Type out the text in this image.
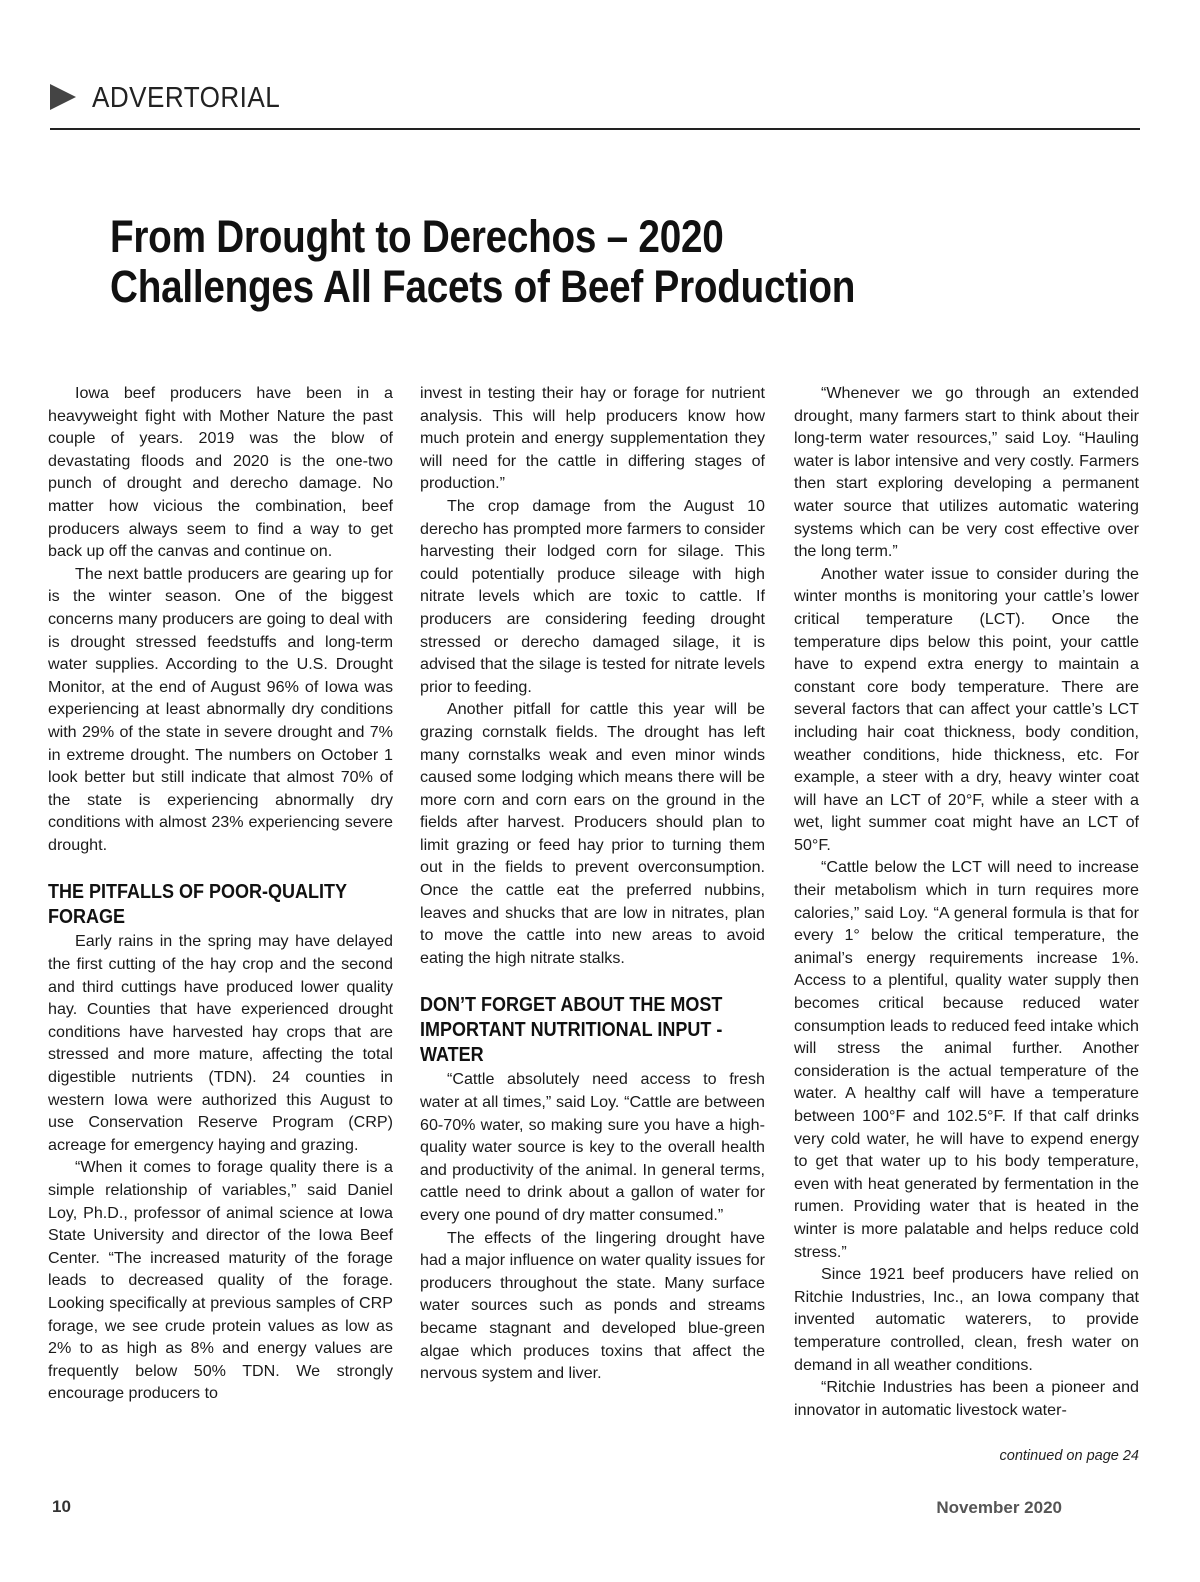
ADVERTORIAL
From Drought to Derechos – 2020
Challenges All Facets of Beef Production

Iowa beef producers have been in a heavyweight fight with Mother Nature the past couple of years. 2019 was the blow of devastating floods and 2020 is the one-two punch of drought and derecho damage. No matter how vicious the combination, beef producers always seem to find a way to get back up off the canvas and continue on.

The next battle producers are gearing up for is the winter season. One of the biggest concerns many producers are going to deal with is drought stressed feedstuffs and long-term water supplies. According to the U.S. Drought Monitor, at the end of August 96% of Iowa was experiencing at least abnormally dry conditions with 29% of the state in severe drought and 7% in extreme drought. The numbers on October 1 look better but still indicate that almost 70% of the state is experiencing abnormally dry conditions with almost 23% experiencing severe drought.

THE PITFALLS OF POOR-QUALITY FORAGE

Early rains in the spring may have delayed the first cutting of the hay crop and the second and third cuttings have produced lower quality hay. Counties that have experienced drought conditions have harvested hay crops that are stressed and more mature, affecting the total digestible nutrients (TDN). 24 counties in western Iowa were authorized this August to use Conservation Reserve Program (CRP) acreage for emergency haying and grazing.

“When it comes to forage quality there is a simple relationship of variables,” said Daniel Loy, Ph.D., professor of animal science at Iowa State University and director of the Iowa Beef Center. “The increased maturity of the forage leads to decreased quality of the forage. Looking specifically at previous samples of CRP forage, we see crude protein values as low as 2% to as high as 8% and energy values are frequently below 50% TDN. We strongly encourage producers to

invest in testing their hay or forage for nutrient analysis. This will help producers know how much protein and energy supplementation they will need for the cattle in differing stages of production.”

The crop damage from the August 10 derecho has prompted more farmers to consider harvesting their lodged corn for silage. This could potentially produce sileage with high nitrate levels which are toxic to cattle. If producers are considering feeding drought stressed or derecho damaged silage, it is advised that the silage is tested for nitrate levels prior to feeding.

Another pitfall for cattle this year will be grazing cornstalk fields. The drought has left many cornstalks weak and even minor winds caused some lodging which means there will be more corn and corn ears on the ground in the fields after harvest. Producers should plan to limit grazing or feed hay prior to turning them out in the fields to prevent overconsumption. Once the cattle eat the preferred nubbins, leaves and shucks that are low in nitrates, plan to move the cattle into new areas to avoid eating the high nitrate stalks.

DON’T FORGET ABOUT THE MOST IMPORTANT NUTRITIONAL INPUT - WATER

“Cattle absolutely need access to fresh water at all times,” said Loy. “Cattle are between 60-70% water, so making sure you have a high-quality water source is key to the overall health and productivity of the animal. In general terms, cattle need to drink about a gallon of water for every one pound of dry matter consumed.”

The effects of the lingering drought have had a major influence on water quality issues for producers throughout the state. Many surface water sources such as ponds and streams became stagnant and developed blue-green algae which produces toxins that affect the nervous system and liver.

“Whenever we go through an extended drought, many farmers start to think about their long-term water resources,” said Loy. “Hauling water is labor intensive and very costly. Farmers then start exploring developing a permanent water source that utilizes automatic watering systems which can be very cost effective over the long term.”

Another water issue to consider during the winter months is monitoring your cattle’s lower critical temperature (LCT). Once the temperature dips below this point, your cattle have to expend extra energy to maintain a constant core body temperature. There are several factors that can affect your cattle’s LCT including hair coat thickness, body condition, weather conditions, hide thickness, etc. For example, a steer with a dry, heavy winter coat will have an LCT of 20°F, while a steer with a wet, light summer coat might have an LCT of 50°F.

“Cattle below the LCT will need to increase their metabolism which in turn requires more calories,” said Loy. “A general formula is that for every 1° below the critical temperature, the animal’s energy requirements increase 1%. Access to a plentiful, quality water supply then becomes critical because reduced water consumption leads to reduced feed intake which will stress the animal further. Another consideration is the actual temperature of the water. A healthy calf will have a temperature between 100°F and 102.5°F. If that calf drinks very cold water, he will have to expend energy to get that water up to his body temperature, even with heat generated by fermentation in the rumen. Providing water that is heated in the winter is more palatable and helps reduce cold stress.”

Since 1921 beef producers have relied on Ritchie Industries, Inc., an Iowa company that invented automatic waterers, to provide temperature controlled, clean, fresh water on demand in all weather conditions.

“Ritchie Industries has been a pioneer and innovator in automatic livestock water-

continued on page 24
10	November 2020
